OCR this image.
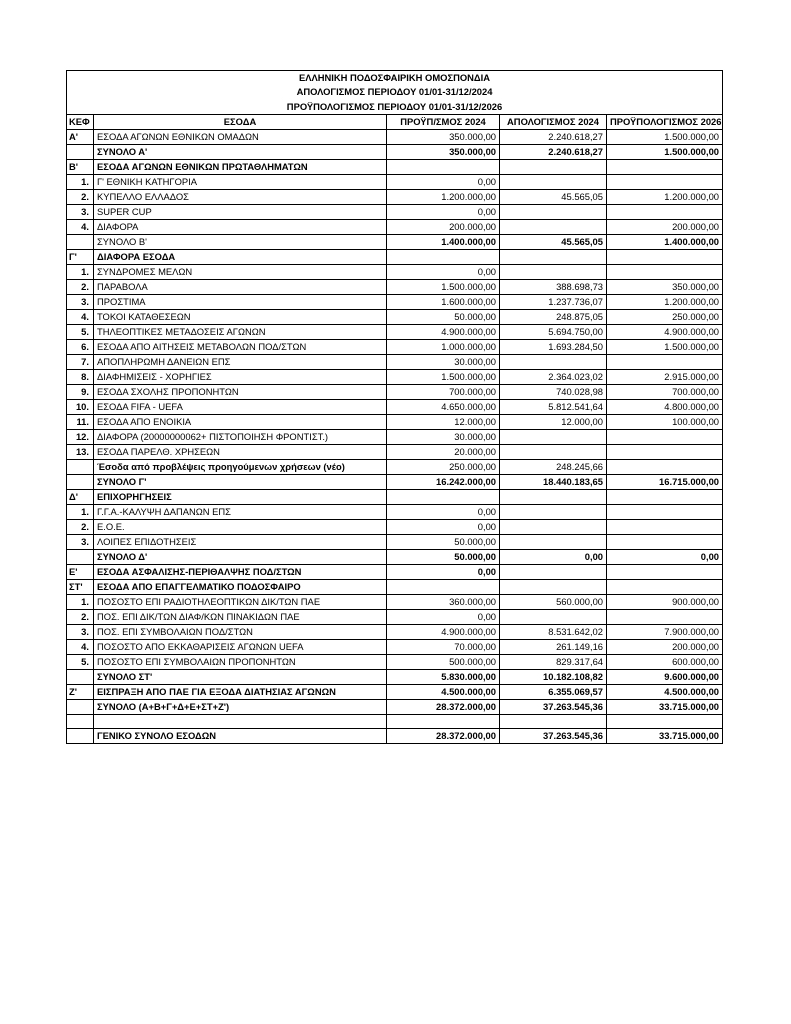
ΕΛΛΗΝΙΚΗ ΠΟΔΟΣΦΑΙΡΙΚΗ ΟΜΟΣΠΟΝΔΙΑ				
ΑΠΟΛΟΓΙΣΜΟΣ ΠΕΡΙΟΔΟΥ 01/01-31/12/2024				
ΠΡΟΫΠΟΛΟΓΙΣΜΟΣ ΠΕΡΙΟΔΟΥ 01/01-31/12/2026				
ΚΕΦ	ΕΣΟΔΑ	ΠΡΟΫΠ/ΣΜΟΣ 2024	ΑΠΟΛΟΓΙΣΜΟΣ 2024	ΠΡΟΫΠΟΛΟΓΙΣΜΟΣ 2026
Α'	ΕΣΟΔΑ ΑΓΩΝΩΝ ΕΘΝΙΚΩΝ ΟΜΑΔΩΝ	350.000,00	2.240.618,27	1.500.000,00
	ΣΥΝΟΛΟ Α'	350.000,00	2.240.618,27	1.500.000,00
Β'	ΕΣΟΔΑ ΑΓΩΝΩΝ ΕΘΝΙΚΩΝ ΠΡΩΤΑΘΛΗΜΑΤΩΝ			
1.	Γ' ΕΘΝΙΚΗ ΚΑΤΗΓΟΡΙΑ	0,00		
2.	ΚΥΠΕΛΛΟ ΕΛΛΑΔΟΣ	1.200.000,00	45.565,05	1.200.000,00
3.	SUPER CUP	0,00		
4.	ΔΙΑΦΟΡΑ	200.000,00		200.000,00
	ΣΥΝΟΛΟ Β'	1.400.000,00	45.565,05	1.400.000,00
Γ'	ΔΙΑΦΟΡΑ ΕΣΟΔΑ			
1.	ΣΥΝΔΡΟΜΕΣ ΜΕΛΩΝ	0,00		
2.	ΠΑΡΑΒΟΛΑ	1.500.000,00	388.698,73	350.000,00
3.	ΠΡΟΣΤΙΜΑ	1.600.000,00	1.237.736,07	1.200.000,00
4.	ΤΟΚΟΙ ΚΑΤΑΘΕΣΕΩΝ	50.000,00	248.875,05	250.000,00
5.	ΤΗΛΕΟΠΤΙΚΕΣ ΜΕΤΑΔΟΣΕΙΣ ΑΓΩΝΩΝ	4.900.000,00	5.694.750,00	4.900.000,00
6.	ΕΣΟΔΑ ΑΠΟ ΑΙΤΗΣΕΙΣ ΜΕΤΑΒΟΛΩΝ ΠΟΔ/ΣΤΩΝ	1.000.000,00	1.693.284,50	1.500.000,00
7.	ΑΠΟΠΛΗΡΩΜΗ ΔΑΝΕΙΩΝ ΕΠΣ	30.000,00		
8.	ΔΙΑΦΗΜΙΣΕΙΣ - ΧΟΡΗΓΙΕΣ	1.500.000,00	2.364.023,02	2.915.000,00
9.	ΕΣΟΔΑ ΣΧΟΛΗΣ ΠΡΟΠΟΝΗΤΩΝ	700.000,00	740.028,98	700.000,00
10.	ΕΣΟΔΑ FIFA - UEFA	4.650.000,00	5.812.541,64	4.800.000,00
11.	ΕΣΟΔΑ ΑΠΟ ΕΝΟΙΚΙΑ	12.000,00	12.000,00	100.000,00
12.	ΔΙΑΦΟΡΑ (20000000062+ ΠΙΣΤΟΠΟΙΗΣΗ ΦΡΟΝΤΙΣΤ.)	30.000,00		
13.	ΕΣΟΔΑ ΠΑΡΕΛΘ. ΧΡΗΣΕΩΝ	20.000,00		
	Έσοδα από προβλέψεις προηγούμενων χρήσεων (νέο)	250.000,00	248.245,66	
	ΣΥΝΟΛΟ Γ'	16.242.000,00	18.440.183,65	16.715.000,00
Δ'	ΕΠΙΧΟΡΗΓΗΣΕΙΣ			
1.	Γ.Γ.Α.-ΚΑΛΥΨΗ ΔΑΠΑΝΩΝ ΕΠΣ	0,00		
2.	Ε.Ο.Ε.	0,00		
3.	ΛΟΙΠΕΣ ΕΠΙΔΟΤΗΣΕΙΣ	50.000,00		
	ΣΥΝΟΛΟ Δ'	50.000,00	0,00	0,00
Ε'	ΕΣΟΔΑ ΑΣΦΑΛΙΣΗΣ-ΠΕΡΙΘΑΛΨΗΣ ΠΟΔ/ΣΤΩΝ	0,00		
ΣΤ'	ΕΣΟΔΑ ΑΠΟ ΕΠΑΓΓΕΛΜΑΤΙΚΟ ΠΟΔΟΣΦΑΙΡΟ			
1.	ΠΟΣΟΣΤΟ ΕΠΙ ΡΑΔΙΟΤΗΛΕΟΠΤΙΚΩΝ ΔΙΚ/ΤΩΝ ΠΑΕ	360.000,00	560.000,00	900.000,00
2.	ΠΟΣ. ΕΠΙ ΔΙΚ/ΤΩΝ ΔΙΑΦ/ΚΩΝ ΠΙΝΑΚΙΔΩΝ ΠΑΕ	0,00		
3.	ΠΟΣ. ΕΠΙ ΣΥΜΒΟΛΑΙΩΝ ΠΟΔ/ΣΤΩΝ	4.900.000,00	8.531.642,02	7.900.000,00
4.	ΠΟΣΟΣΤΟ ΑΠΟ ΕΚΚΑΘΑΡΙΣΕΙΣ ΑΓΩΝΩΝ UEFA	70.000,00	261.149,16	200.000,00
5.	ΠΟΣΟΣΤΟ ΕΠΙ ΣΥΜΒΟΛΑΙΩΝ ΠΡΟΠΟΝΗΤΩΝ	500.000,00	829.317,64	600.000,00
	ΣΥΝΟΛΟ ΣΤ'	5.830.000,00	10.182.108,82	9.600.000,00
Ζ'	ΕΙΣΠΡΑΞΗ ΑΠΟ ΠΑΕ ΓΙΑ ΕΞΟΔΑ ΔΙΑΤΗΣΙΑΣ ΑΓΩΝΩΝ	4.500.000,00	6.355.069,57	4.500.000,00
	ΣΥΝΟΛΟ (Α+Β+Γ+Δ+Ε+ΣΤ+Ζ')	28.372.000,00	37.263.545,36	33.715.000,00

	ΓΕΝΙΚΟ ΣΥΝΟΛΟ ΕΣΟΔΩΝ	28.372.000,00	37.263.545,36	33.715.000,00
